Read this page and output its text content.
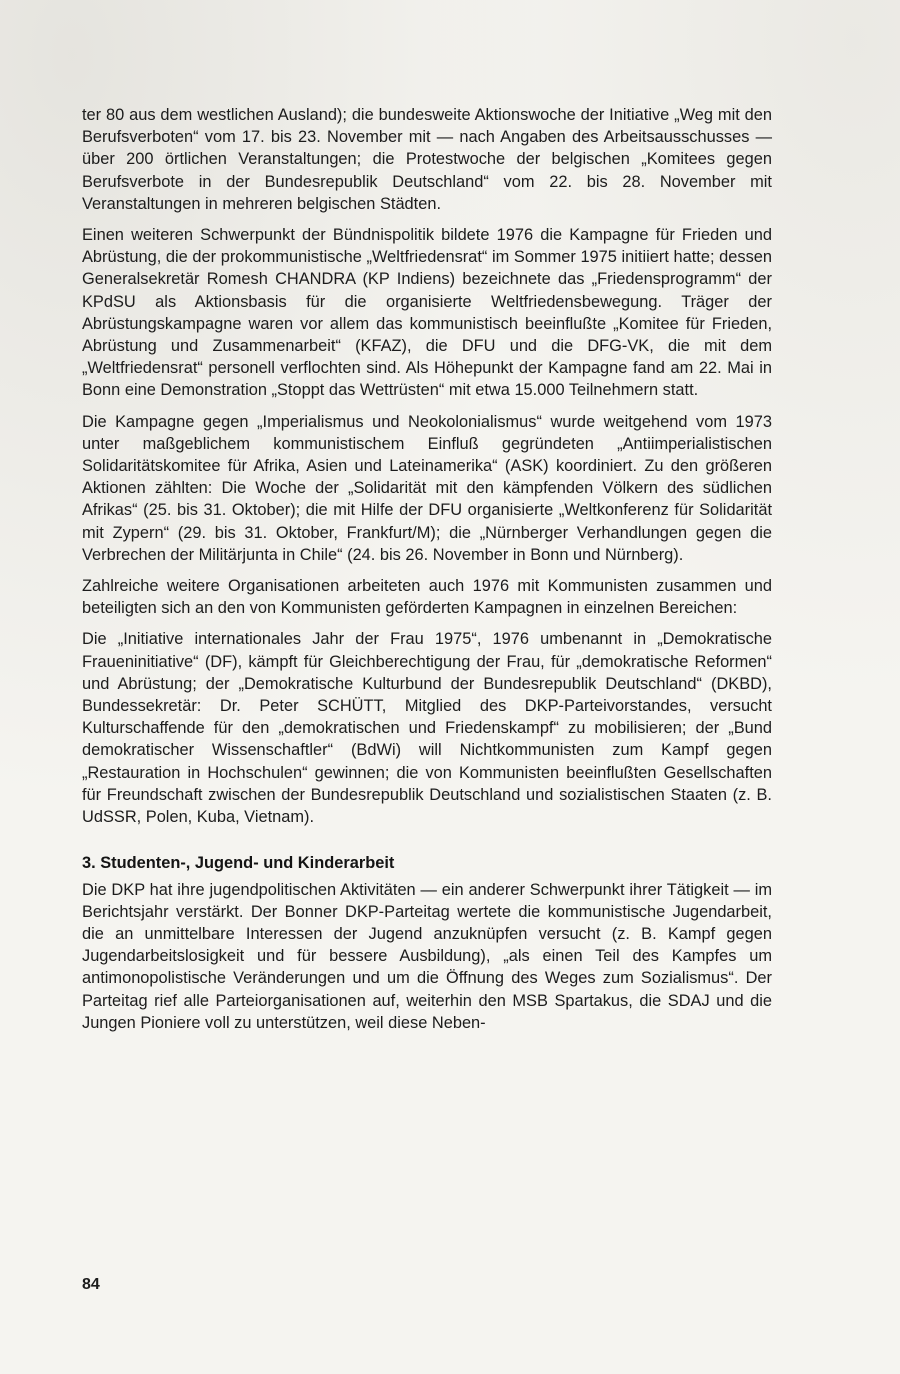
ter 80 aus dem westlichen Ausland); die bundesweite Aktionswoche der Initiative „Weg mit den Berufsverboten“ vom 17. bis 23. November mit — nach Angaben des Arbeitsausschusses — über 200 örtlichen Veranstaltungen; die Protestwoche der belgischen „Komitees gegen Berufsverbote in der Bundesrepublik Deutschland“ vom 22. bis 28. November mit Veranstaltungen in mehreren belgischen Städten.

Einen weiteren Schwerpunkt der Bündnispolitik bildete 1976 die Kampagne für Frieden und Abrüstung, die der prokommunistische „Weltfriedensrat“ im Sommer 1975 initiiert hatte; dessen Generalsekretär Romesh CHANDRA (KP Indiens) bezeichnete das „Friedensprogramm“ der KPdSU als Aktionsbasis für die organisierte Weltfriedensbewegung. Träger der Abrüstungskampagne waren vor allem das kommunistisch beeinflußte „Komitee für Frieden, Abrüstung und Zusammenarbeit“ (KFAZ), die DFU und die DFG-VK, die mit dem „Weltfriedensrat“ personell verflochten sind. Als Höhepunkt der Kampagne fand am 22. Mai in Bonn eine Demonstration „Stoppt das Wettrüsten“ mit etwa 15.000 Teilnehmern statt.

Die Kampagne gegen „Imperialismus und Neokolonialismus“ wurde weitgehend vom 1973 unter maßgeblichem kommunistischem Einfluß gegründeten „Antiimperialistischen Solidaritätskomitee für Afrika, Asien und Lateinamerika“ (ASK) koordiniert. Zu den größeren Aktionen zählten: Die Woche der „Solidarität mit den kämpfenden Völkern des südlichen Afrikas“ (25. bis 31. Oktober); die mit Hilfe der DFU organisierte „Weltkonferenz für Solidarität mit Zypern“ (29. bis 31. Oktober, Frankfurt/M); die „Nürnberger Verhandlungen gegen die Verbrechen der Militärjunta in Chile“ (24. bis 26. November in Bonn und Nürnberg).

Zahlreiche weitere Organisationen arbeiteten auch 1976 mit Kommunisten zusammen und beteiligten sich an den von Kommunisten geförderten Kampagnen in einzelnen Bereichen:

Die „Initiative internationales Jahr der Frau 1975“, 1976 umbenannt in „Demokratische Fraueninitiative“ (DF), kämpft für Gleichberechtigung der Frau, für „demokratische Reformen“ und Abrüstung; der „Demokratische Kulturbund der Bundesrepublik Deutschland“ (DKBD), Bundessekretär: Dr. Peter SCHÜTT, Mitglied des DKP-Parteivorstandes, versucht Kulturschaffende für den „demokratischen und Friedenskampf“ zu mobilisieren; der „Bund demokratischer Wissenschaftler“ (BdWi) will Nichtkommunisten zum Kampf gegen „Restauration in Hochschulen“ gewinnen; die von Kommunisten beeinflußten Gesellschaften für Freundschaft zwischen der Bundesrepublik Deutschland und sozialistischen Staaten (z. B. UdSSR, Polen, Kuba, Vietnam).

3. Studenten-, Jugend- und Kinderarbeit

Die DKP hat ihre jugendpolitischen Aktivitäten — ein anderer Schwerpunkt ihrer Tätigkeit — im Berichtsjahr verstärkt. Der Bonner DKP-Parteitag wertete die kommunistische Jugendarbeit, die an unmittelbare Interessen der Jugend anzuknüpfen versucht (z. B. Kampf gegen Jugendarbeitslosigkeit und für bessere Ausbildung), „als einen Teil des Kampfes um antimonopolistische Veränderungen und um die Öffnung des Weges zum Sozialismus“. Der Parteitag rief alle Parteiorganisationen auf, weiterhin den MSB Spartakus, die SDAJ und die Jungen Pioniere voll zu unterstützen, weil diese Neben-

84
